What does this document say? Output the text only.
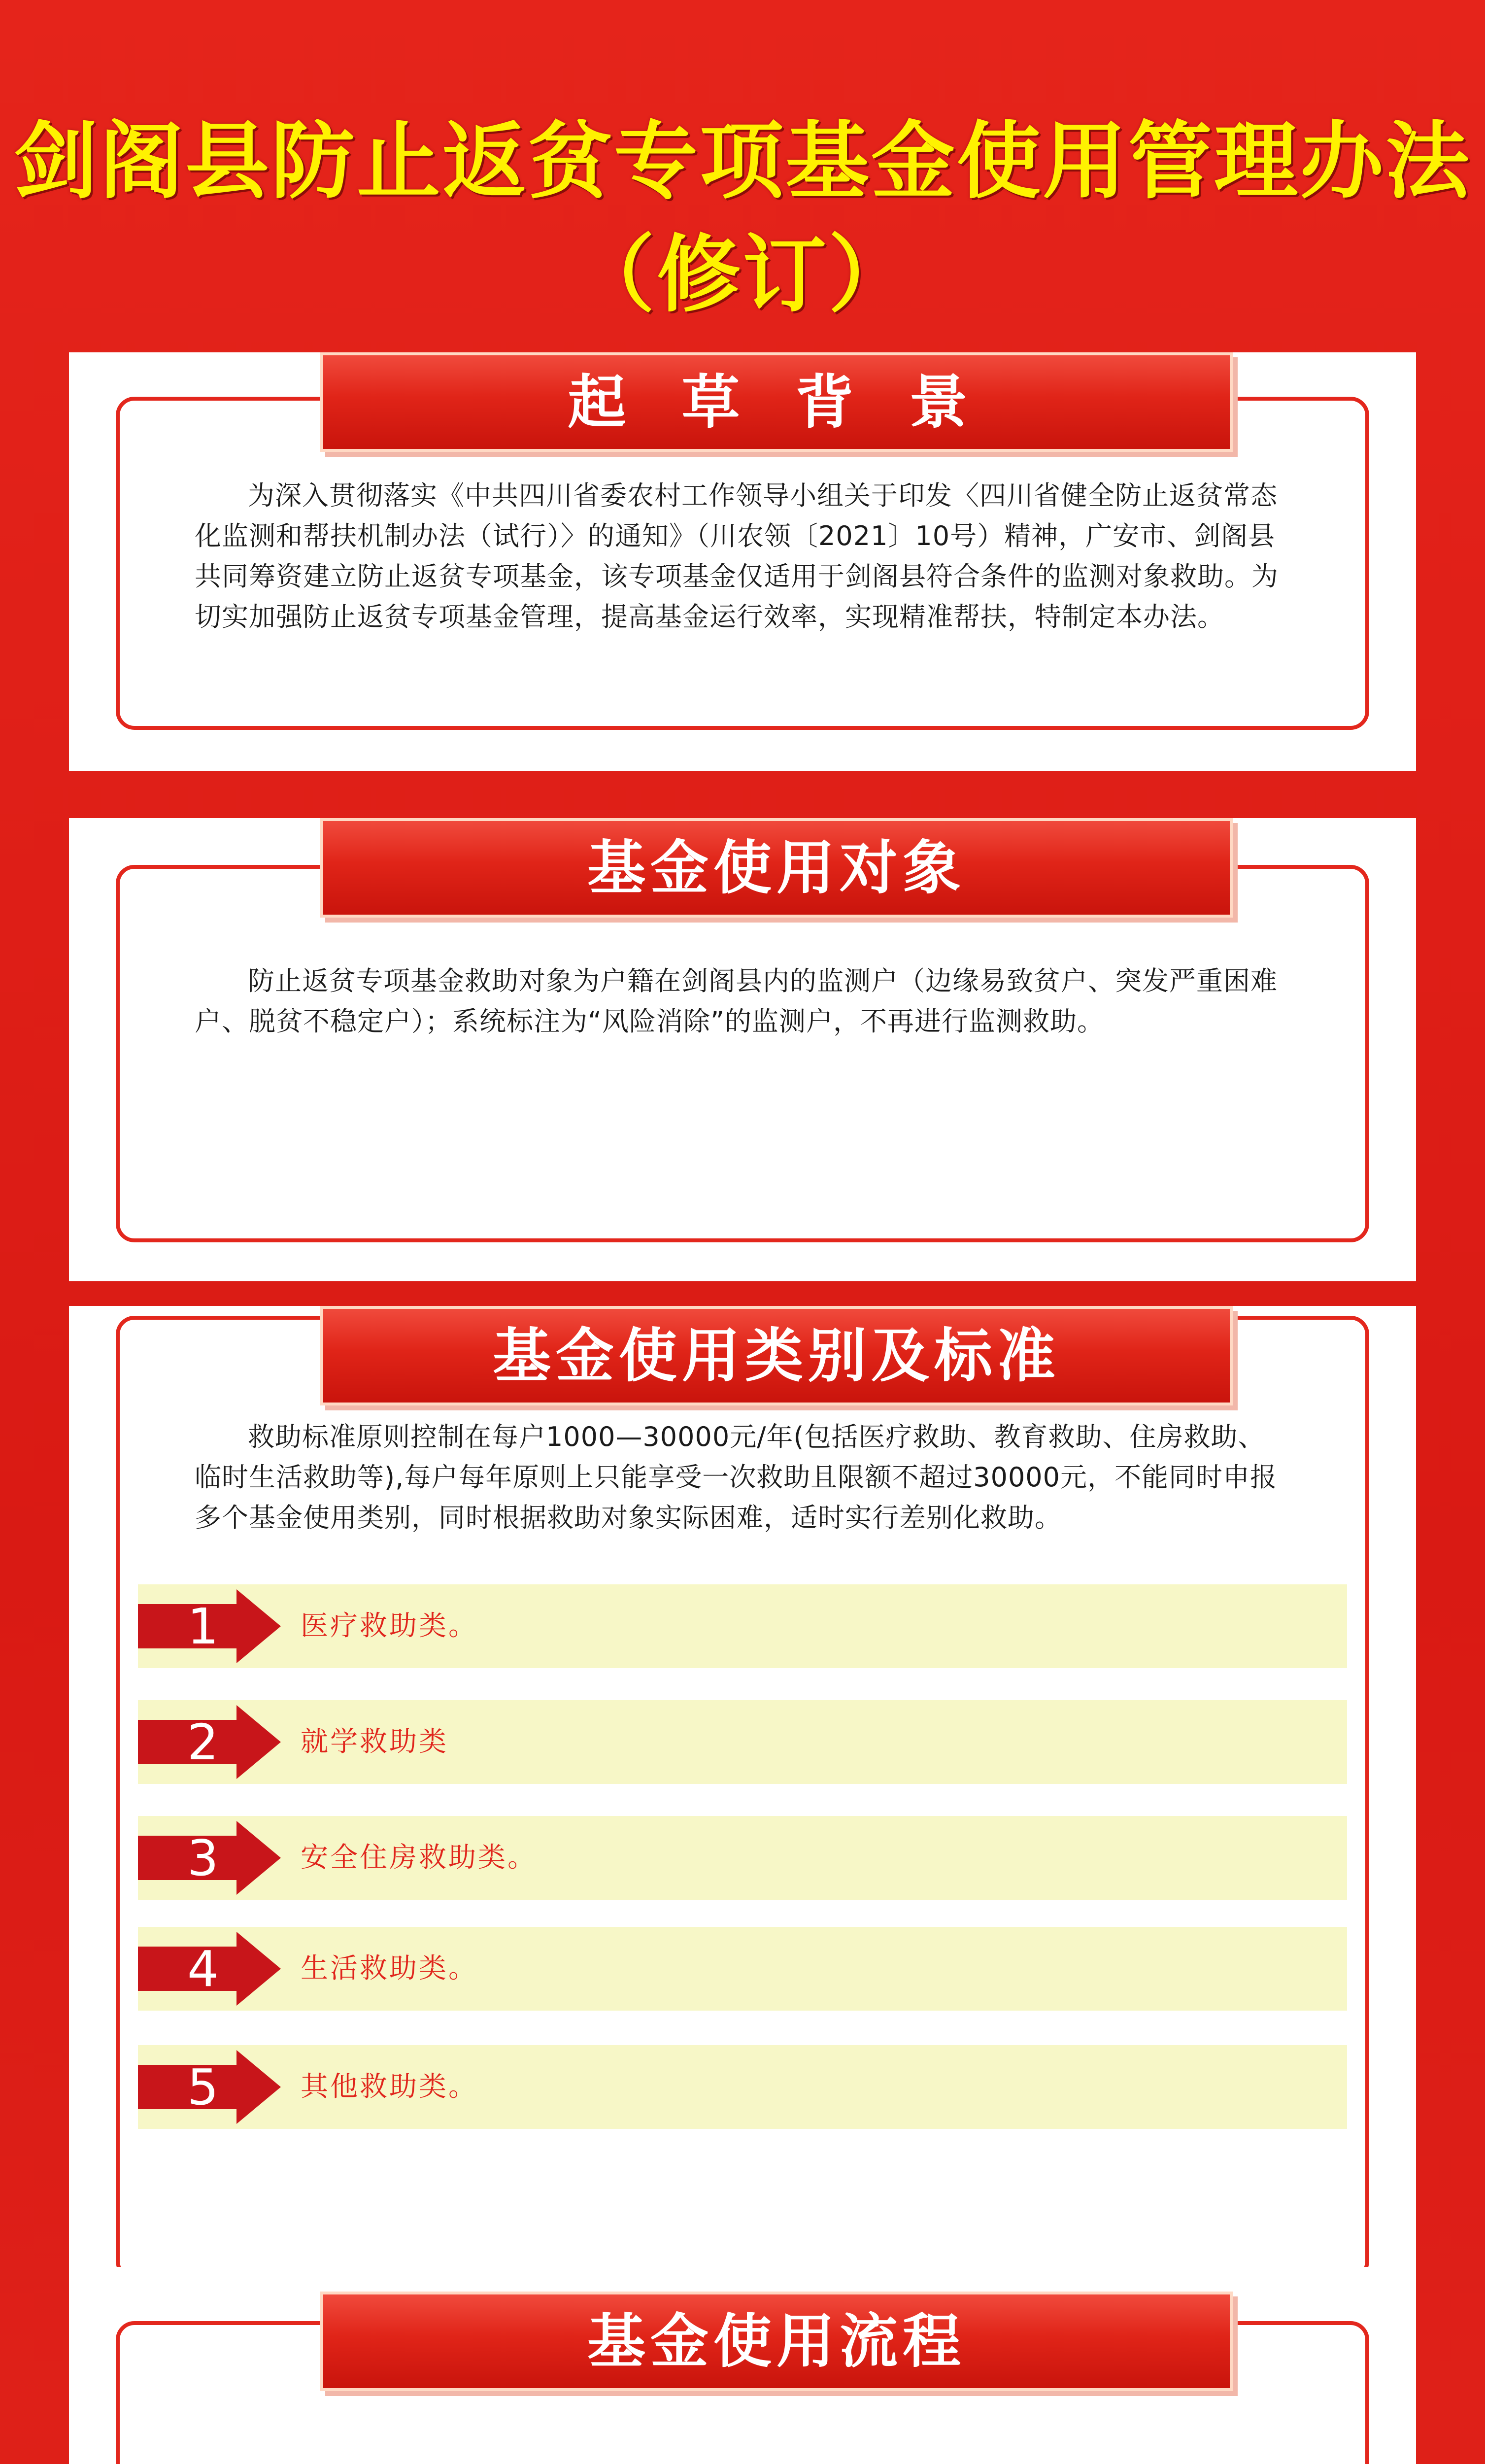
剑阁县防止返贫专项基金使用管理办法
（修订）
起 草 背 景

为深入贯彻落实《中共四川省委农村工作领导小组关于印发〈四川省健全防止返贫常态化监测和帮扶机制办法（试行）〉的通知》（川农领〔2021〕10号）精神，广安市、剑阁县共同筹资建立防止返贫专项基金，该专项基金仅适用于剑阁县符合条件的监测对象救助。为切实加强防止返贫专项基金管理，提高基金运行效率，实现精准帮扶，特制定本办法。

基金使用对象

防止返贫专项基金救助对象为户籍在剑阁县内的监测户（边缘易致贫户、突发严重困难户、脱贫不稳定户）；系统标注为“风险消除”的监测户，不再进行监测救助。

基金使用类别及标准

救助标准原则控制在每户1000—30000元/年(包括医疗救助、教育救助、住房救助、临时生活救助等),每户每年原则上只能享受一次救助且限额不超过30000元，不能同时申报多个基金使用类别，同时根据救助对象实际困难，适时实行差别化救助。

1	医疗救助类。
2	就学救助类
3	安全住房救助类。
4	生活救助类。
5	其他救助类。
基金使用流程
